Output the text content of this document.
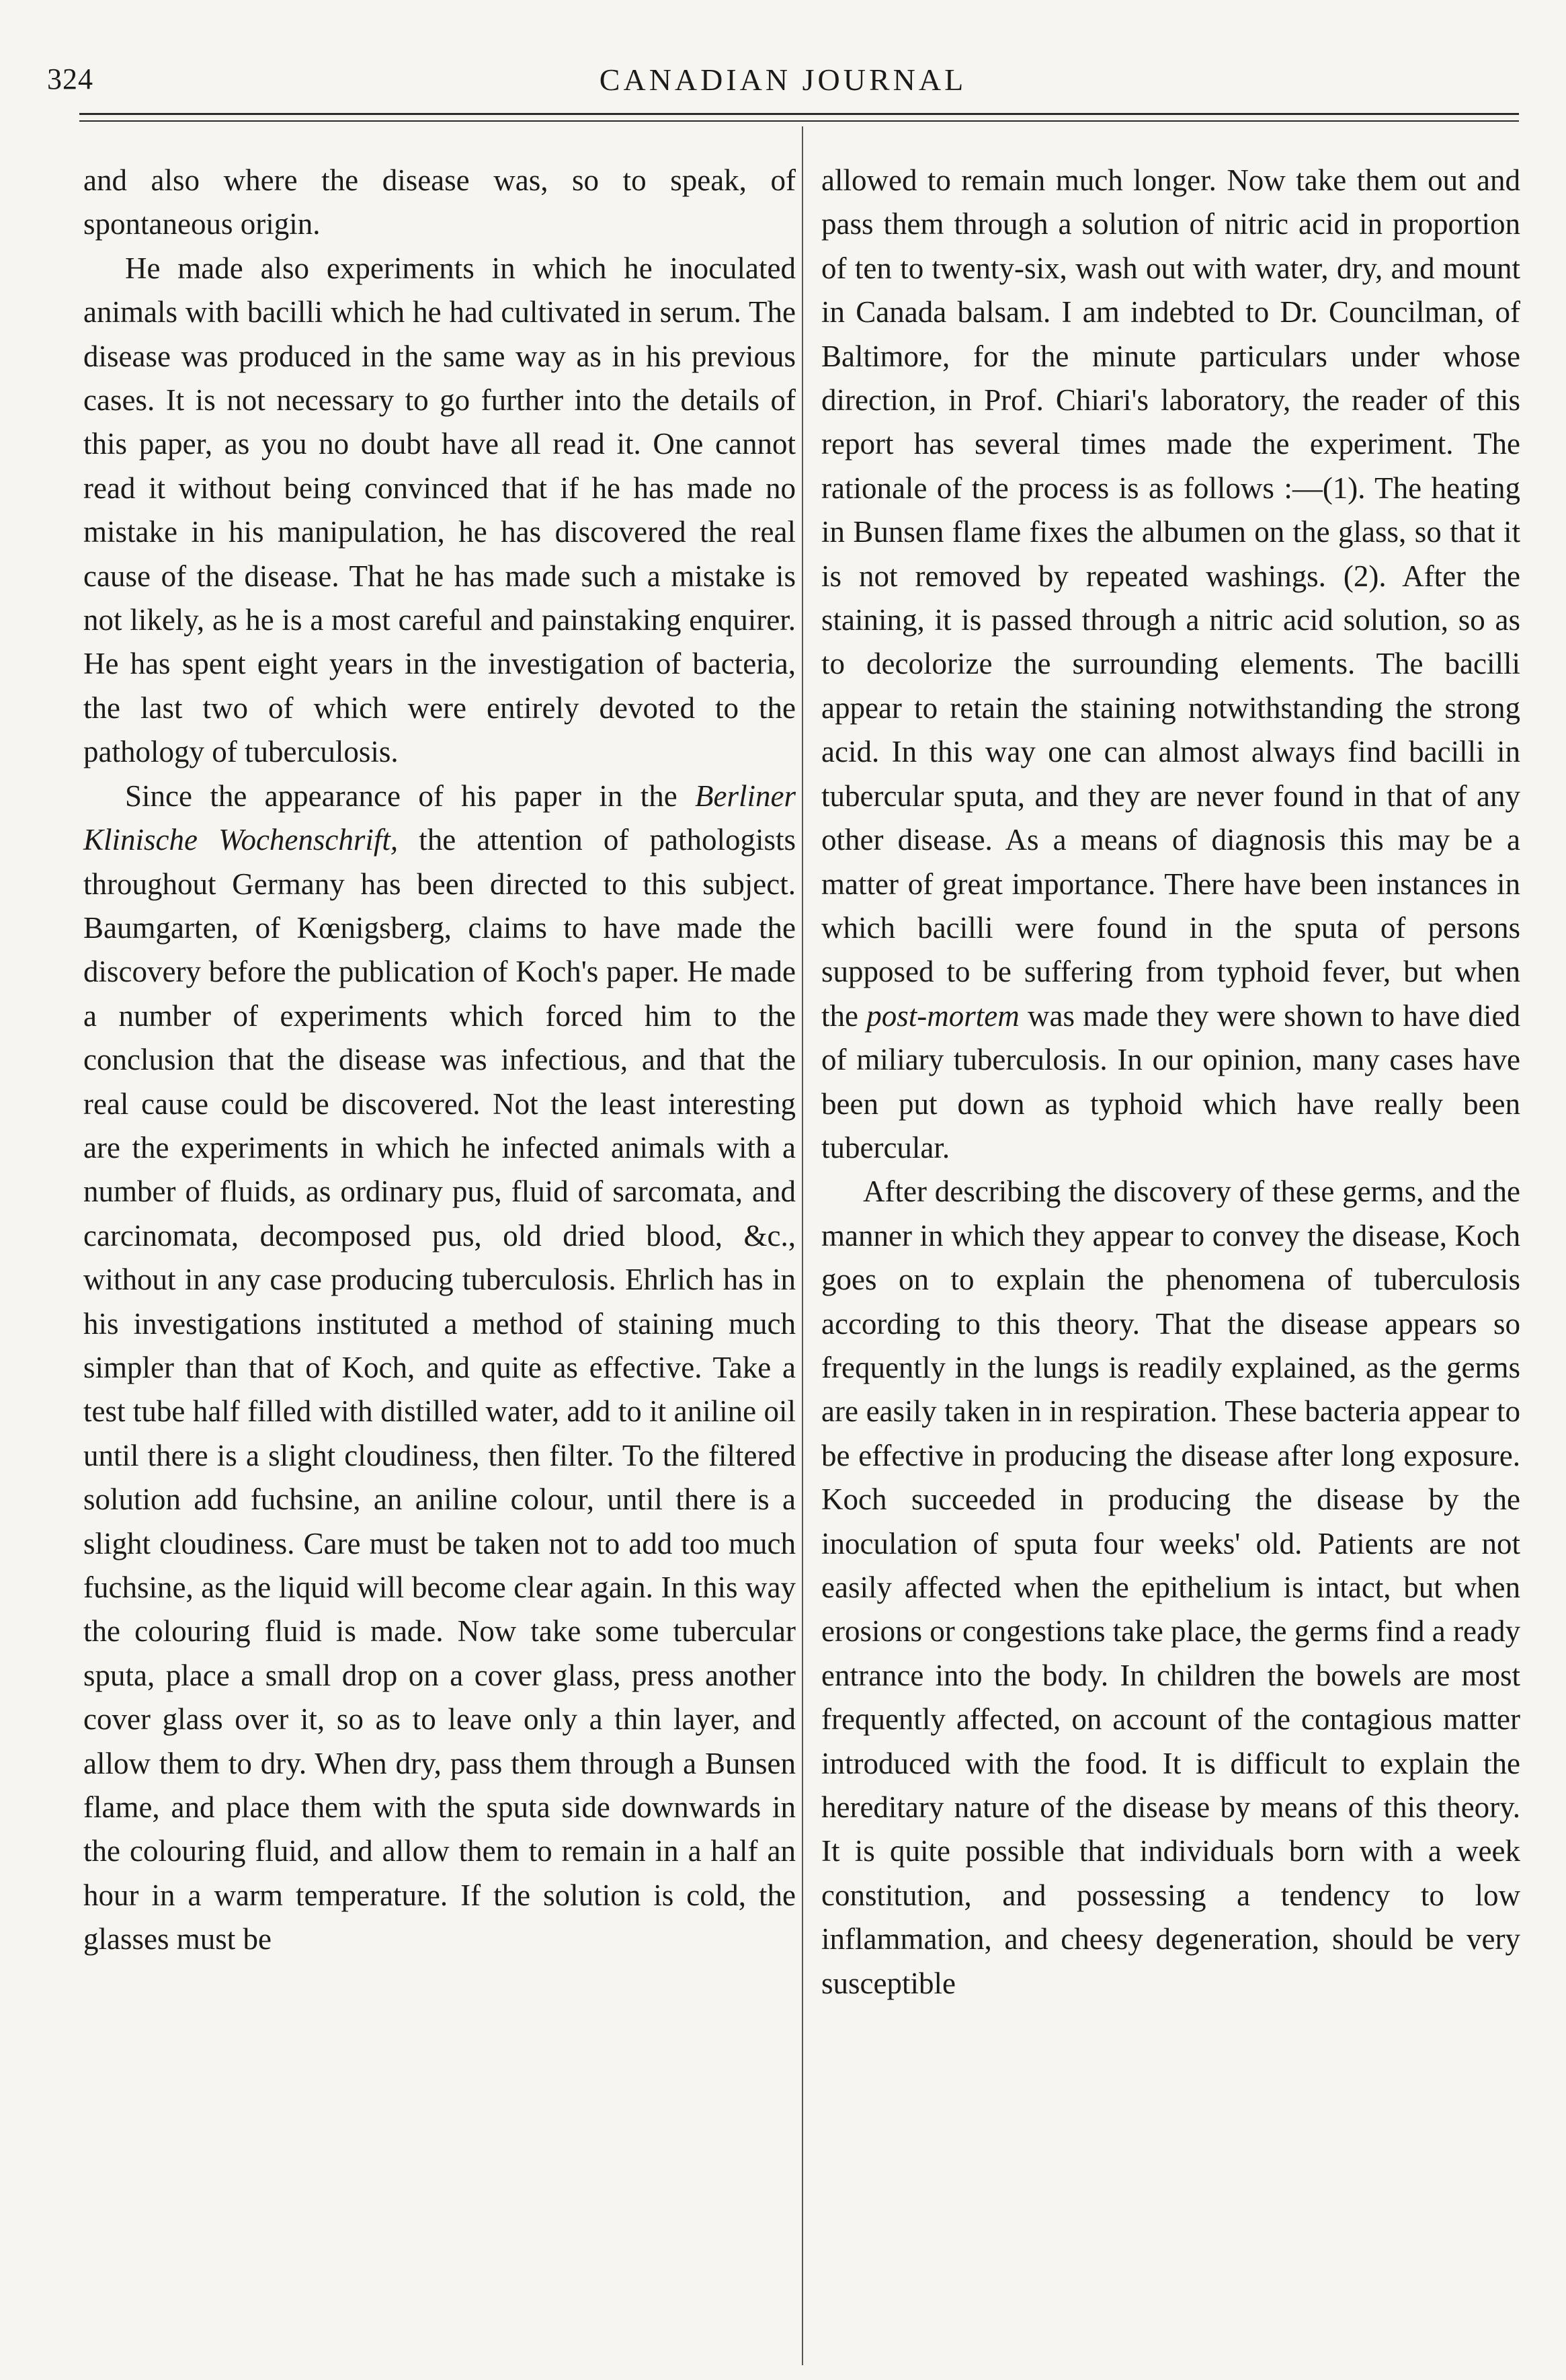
324	CANADIAN JOURNAL

and also where the disease was, so to speak, of spontaneous origin.

He made also experiments in which he inoculated animals with bacilli which he had cultivated in serum. The disease was produced in the same way as in his previous cases. It is not necessary to go further into the details of this paper, as you no doubt have all read it. One cannot read it without being convinced that if he has made no mistake in his manipulation, he has discovered the real cause of the disease. That he has made such a mistake is not likely, as he is a most careful and painstaking enquirer. He has spent eight years in the investigation of bacteria, the last two of which were entirely devoted to the pathology of tuberculosis.

Since the appearance of his paper in the Berliner Klinische Wochenschrift, the attention of pathologists throughout Germany has been directed to this subject. Baumgarten, of Kœnigsberg, claims to have made the discovery before the publication of Koch's paper. He made a number of experiments which forced him to the conclusion that the disease was infectious, and that the real cause could be discovered. Not the least interesting are the experiments in which he infected animals with a number of fluids, as ordinary pus, fluid of sarcomata, and carcinomata, decomposed pus, old dried blood, &c., without in any case producing tuberculosis. Ehrlich has in his investigations instituted a method of staining much simpler than that of Koch, and quite as effective. Take a test tube half filled with distilled water, add to it aniline oil until there is a slight cloudiness, then filter. To the filtered solution add fuchsine, an aniline colour, until there is a slight cloudiness. Care must be taken not to add too much fuchsine, as the liquid will become clear again. In this way the colouring fluid is made. Now take some tubercular sputa, place a small drop on a cover glass, press another cover glass over it, so as to leave only a thin layer, and allow them to dry. When dry, pass them through a Bunsen flame, and place them with the sputa side downwards in the colouring fluid, and allow them to remain in a half an hour in a warm temperature. If the solution is cold, the glasses must be

allowed to remain much longer. Now take them out and pass them through a solution of nitric acid in proportion of ten to twenty-six, wash out with water, dry, and mount in Canada balsam. I am indebted to Dr. Councilman, of Baltimore, for the minute particulars under whose direction, in Prof. Chiari's laboratory, the reader of this report has several times made the experiment. The rationale of the process is as follows :—(1). The heating in Bunsen flame fixes the albumen on the glass, so that it is not removed by repeated washings. (2). After the staining, it is passed through a nitric acid solution, so as to decolorize the surrounding elements. The bacilli appear to retain the staining notwithstanding the strong acid. In this way one can almost always find bacilli in tubercular sputa, and they are never found in that of any other disease. As a means of diagnosis this may be a matter of great importance. There have been instances in which bacilli were found in the sputa of persons supposed to be suffering from typhoid fever, but when the post-mortem was made they were shown to have died of miliary tuberculosis. In our opinion, many cases have been put down as typhoid which have really been tubercular.

After describing the discovery of these germs, and the manner in which they appear to convey the disease, Koch goes on to explain the phenomena of tuberculosis according to this theory. That the disease appears so frequently in the lungs is readily explained, as the germs are easily taken in in respiration. These bacteria appear to be effective in producing the disease after long exposure. Koch succeeded in producing the disease by the inoculation of sputa four weeks' old. Patients are not easily affected when the epithelium is intact, but when erosions or congestions take place, the germs find a ready entrance into the body. In children the bowels are most frequently affected, on account of the contagious matter introduced with the food. It is difficult to explain the hereditary nature of the disease by means of this theory. It is quite possible that individuals born with a week constitution, and possessing a tendency to low inflammation, and cheesy degeneration, should be very susceptible
